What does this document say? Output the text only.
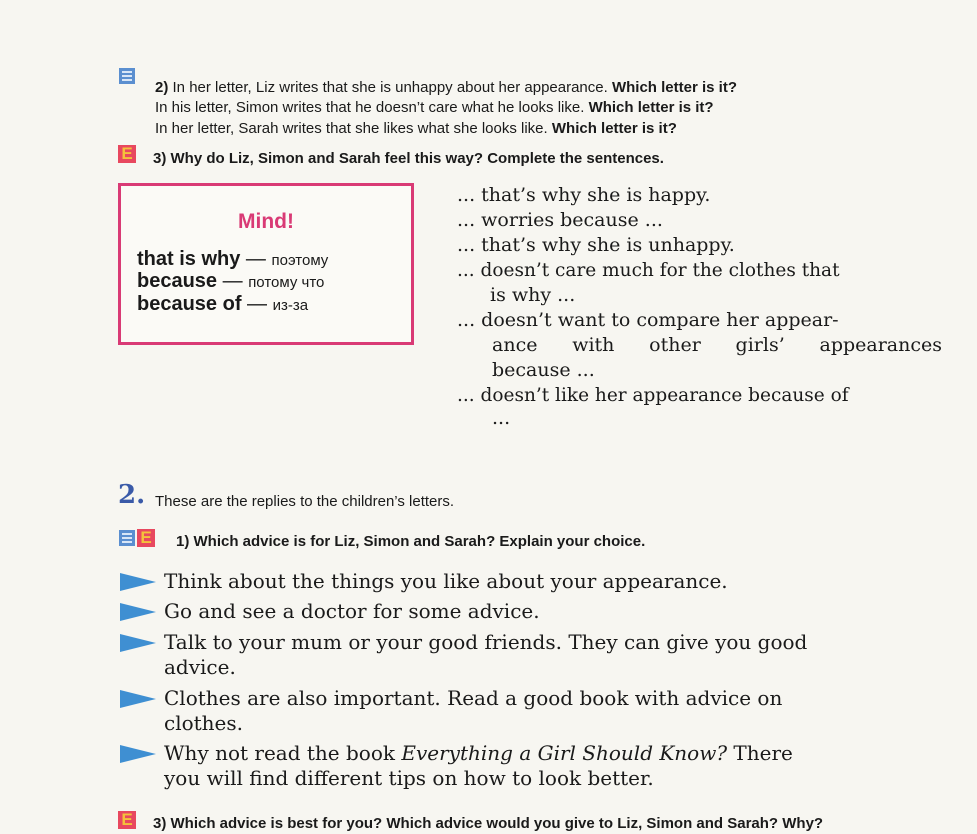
2) In her letter, Liz writes that she is unhappy about her appearance. Which letter is it?
In his letter, Simon writes that he doesn’t care what he looks like. Which letter is it?
In her letter, Sarah writes that she likes what she looks like. Which letter is it?
E 3) Why do Liz, Simon and Sarah feel this way? Complete the sentences.
Mind!
that is why — поэтому
because — потому что
because of — из-за
... that’s why she is happy.
... worries because ...
... that’s why she is unhappy.
... doesn’t care much for the clothes that
is why ...
... doesn’t want to compare her appear-
ance with other girls’ appearances
because ...
... doesn’t like her appearance because of
...
2. These are the replies to the children’s letters.
E 1) Which advice is for Liz, Simon and Sarah? Explain your choice.
Think about the things you like about your appearance.
Go and see a doctor for some advice.
Talk to your mum or your good friends. They can give you good
advice.
Clothes are also important. Read a good book with advice on
clothes.
Why not read the book Everything a Girl Should Know? There
you will find different tips on how to look better.
E 3) Which advice is best for you? Which advice would you give to Liz, Simon and Sarah? Why?
